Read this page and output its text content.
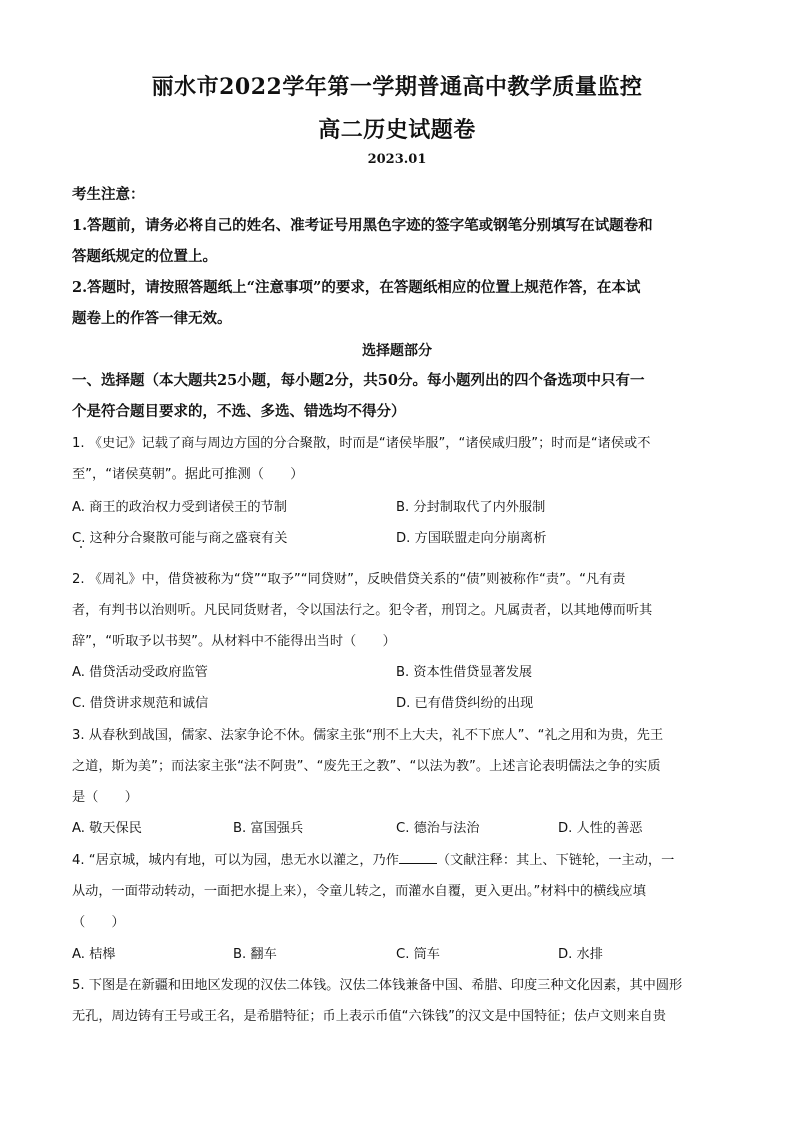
丽水市2022学年第一学期普通高中教学质量监控
高二历史试题卷
2023.01
考生注意：
1.答题前，请务必将自己的姓名、准考证号用黑色字迹的签字笔或钢笔分别填写在试题卷和
答题纸规定的位置上。
2.答题时，请按照答题纸上“注意事项”的要求，在答题纸相应的位置上规范作答，在本试
题卷上的作答一律无效。
选择题部分
一、选择题（本大题共25小题，每小题2分，共50分。每小题列出的四个备选项中只有一
个是符合题目要求的，不选、多选、错选均不得分）
1. 《史记》记载了商与周边方国的分合聚散，时而是“诸侯毕服”，“诸侯咸归殷”；时而是“诸侯或不
至”，“诸侯莫朝”。据此可推测（　　）
A. 商王的政治权力受到诸侯王的节制	B. 分封制取代了内外服制
C. 这种分合聚散可能与商之盛衰有关	D. 方国联盟走向分崩离析
2. 《周礼》中，借贷被称为“贷”“取予”“同贷财”，反映借贷关系的“债”则被称作“责”。“凡有责
者，有判书以治则听。凡民同货财者，令以国法行之。犯令者，刑罚之。凡属责者，以其地傅而听其
辞”，“听取予以书契”。从材料中不能得出当时（　　）
A. 借贷活动受政府监管	B. 资本性借贷显著发展
C. 借贷讲求规范和诚信	D. 已有借贷纠纷的出现
3. 从春秋到战国，儒家、法家争论不休。儒家主张“刑不上大夫，礼不下庶人”、“礼之用和为贵，先王
之道，斯为美”；而法家主张“法不阿贵”、“废先王之教”、“以法为教”。上述言论表明儒法之争的实质
是（　　）
A. 敬天保民	B. 富国强兵	C. 德治与法治	D. 人性的善恶
4. “居京城，城内有地，可以为园，患无水以灌之，乃作	（文献注释：其上、下链轮，一主动，一
从动，一面带动转动，一面把水提上来），令童儿转之，而灌水自覆，更入更出。”材料中的横线应填
（　　）
A. 桔槔	B. 翻车	C. 筒车	D. 水排
5. 下图是在新疆和田地区发现的汉佉二体钱。汉佉二体钱兼备中国、希腊、印度三种文化因素，其中圆形
无孔，周边铸有王号或王名，是希腊特征；币上表示币值“六铢钱”的汉文是中国特征；佉卢文则来自贵
